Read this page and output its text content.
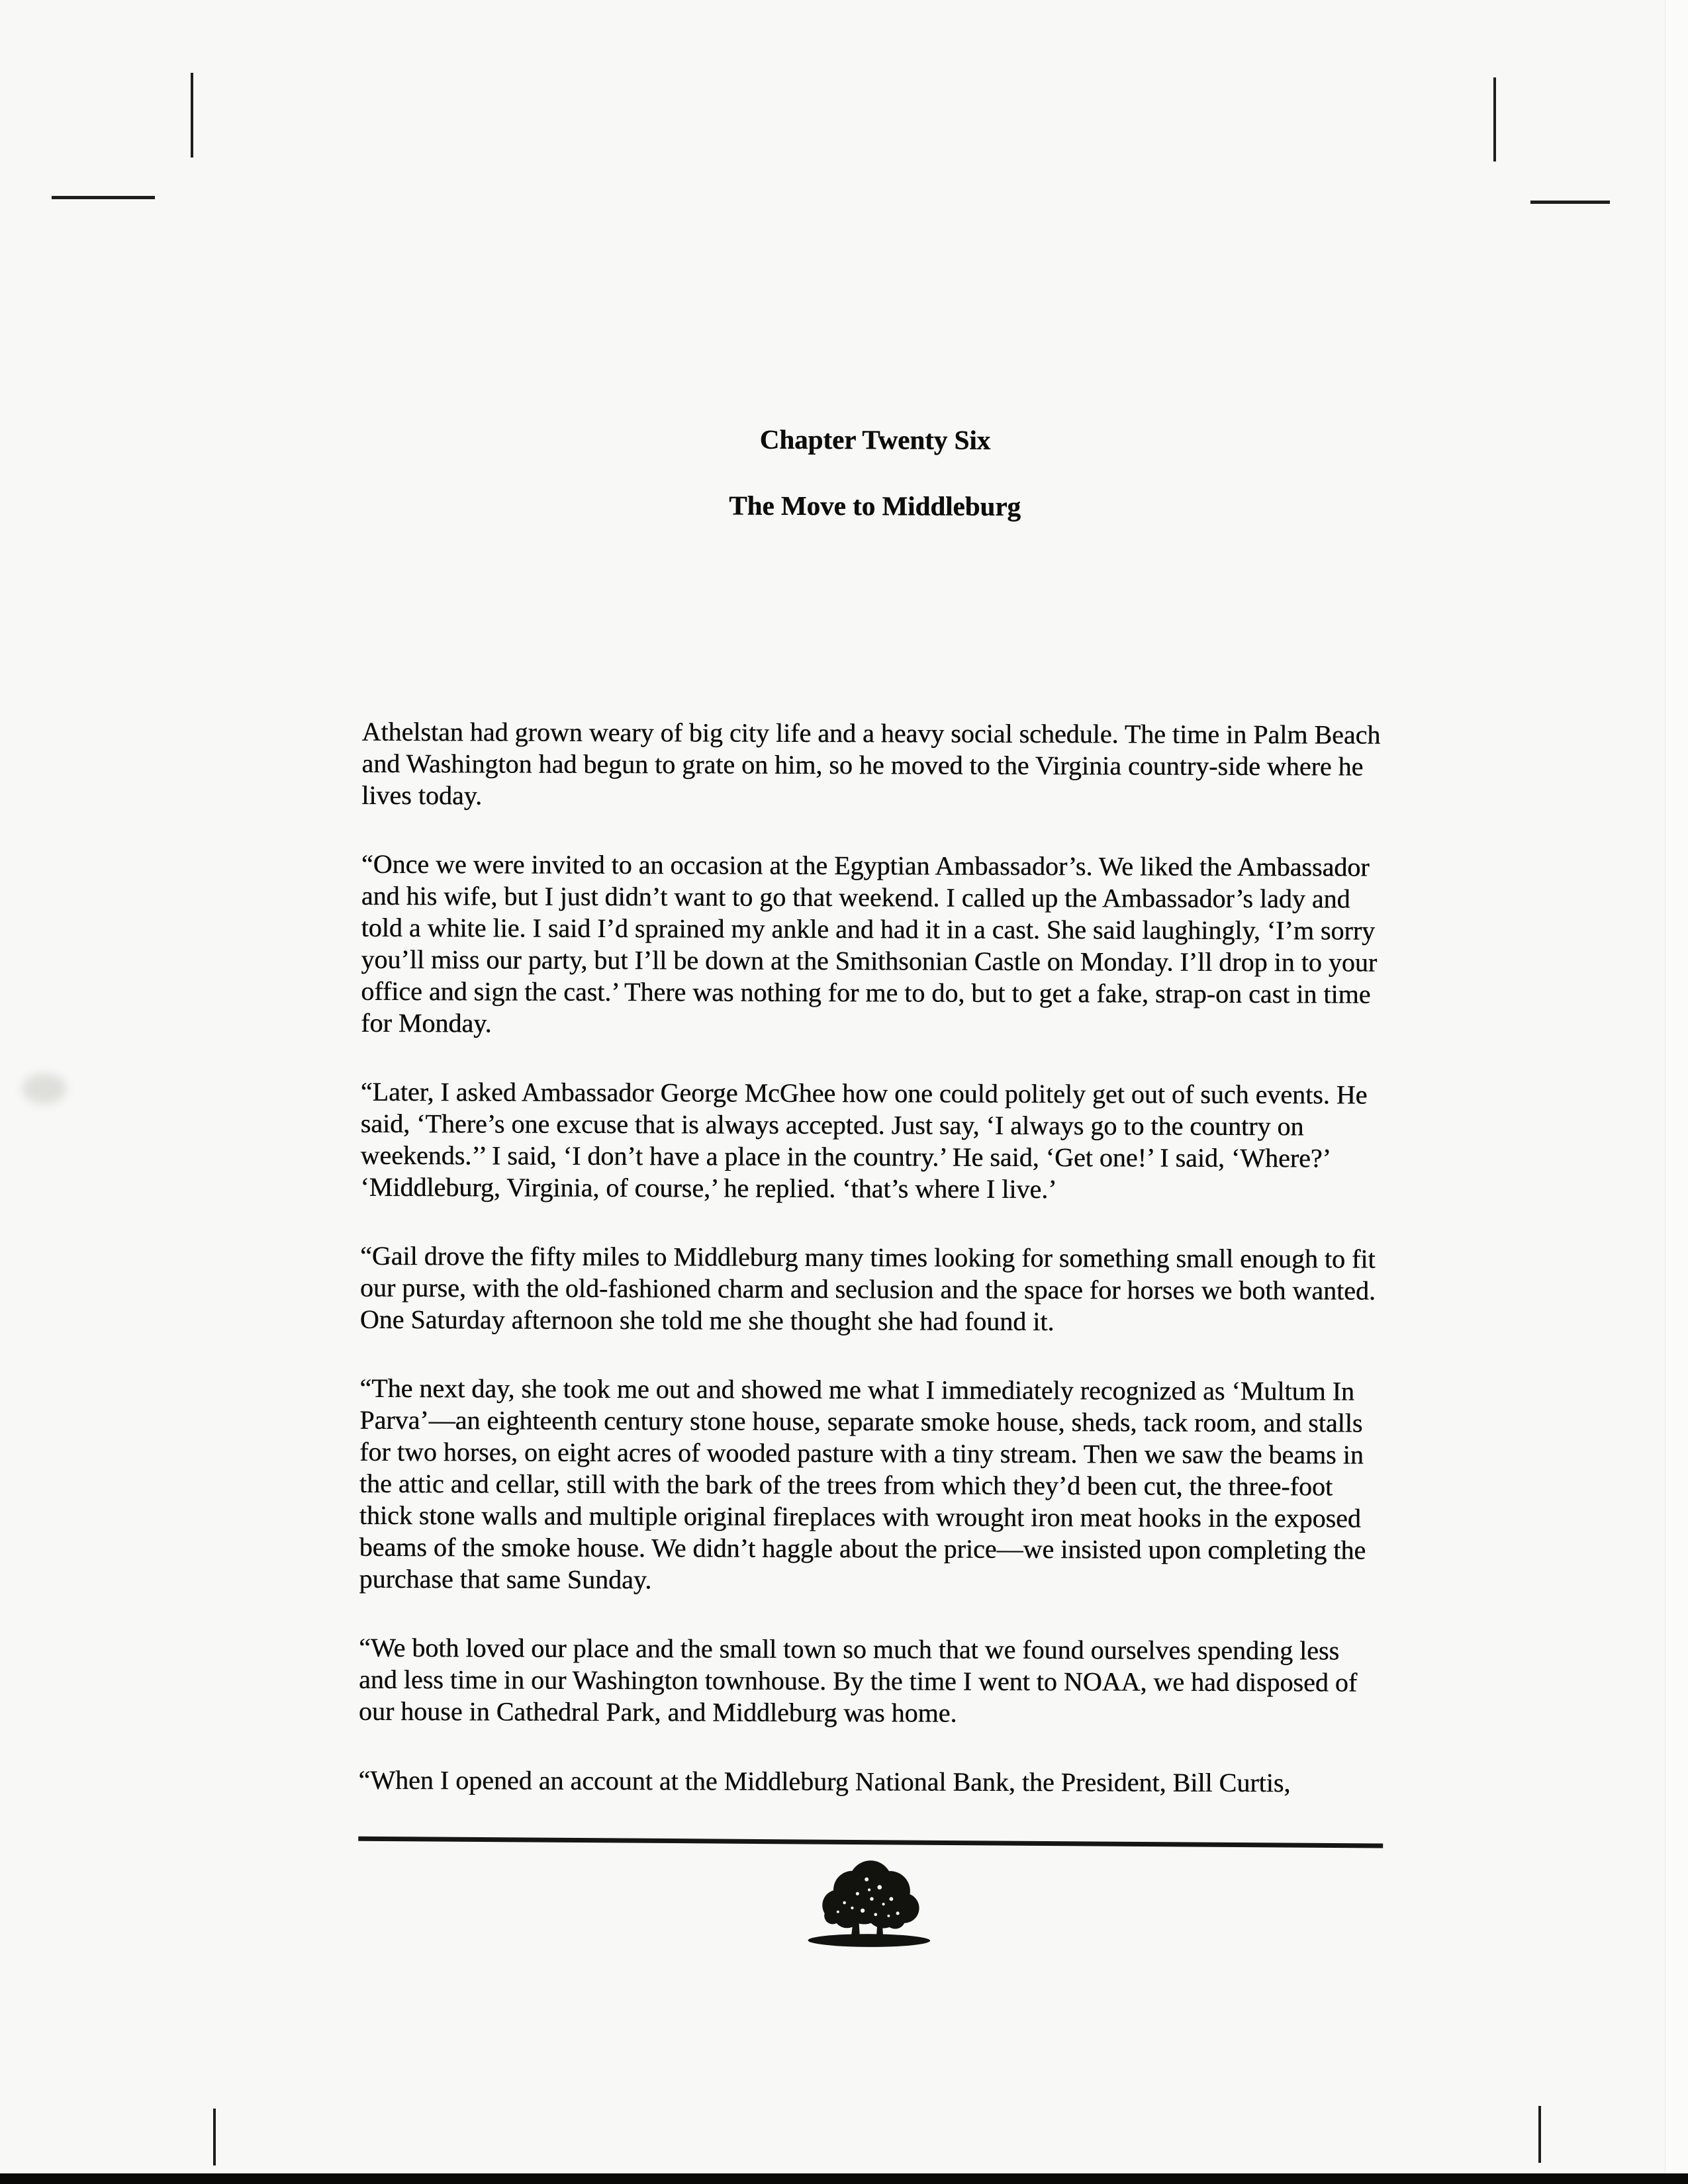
Chapter Twenty Six
The Move to Middleburg

Athelstan had grown weary of big city life and a heavy social schedule. The time in Palm Beach and Washington had begun to grate on him, so he moved to the Virginia country-side where he lives today.

“Once we were invited to an occasion at the Egyptian Ambassador’s. We liked the Ambassador and his wife, but I just didn’t want to go that weekend. I called up the Ambassador’s lady and told a white lie. I said I’d sprained my ankle and had it in a cast. She said laughingly, ‘I’m sorry you’ll miss our party, but I’ll be down at the Smithsonian Castle on Monday. I’ll drop in to your office and sign the cast.’ There was nothing for me to do, but to get a fake, strap-on cast in time for Monday.

“Later, I asked Ambassador George McGhee how one could politely get out of such events. He said, ‘There’s one excuse that is always accepted. Just say, ‘I always go to the country on weekends.’’ I said, ‘I don’t have a place in the country.’ He said, ‘Get one!’ I said, ‘Where?’ ‘Middleburg, Virginia, of course,’ he replied. ‘that’s where I live.’

“Gail drove the fifty miles to Middleburg many times looking for something small enough to fit our purse, with the old-fashioned charm and seclusion and the space for horses we both wanted. One Saturday afternoon she told me she thought she had found it.

“The next day, she took me out and showed me what I immediately recognized as ‘Multum In Parva’—an eighteenth century stone house, separate smoke house, sheds, tack room, and stalls for two horses, on eight acres of wooded pasture with a tiny stream. Then we saw the beams in the attic and cellar, still with the bark of the trees from which they’d been cut, the three-foot thick stone walls and multiple original fireplaces with wrought iron meat hooks in the exposed beams of the smoke house. We didn’t haggle about the price—we insisted upon completing the purchase that same Sunday.

“We both loved our place and the small town so much that we found ourselves spending less and less time in our Washington townhouse. By the time I went to NOAA, we had disposed of our house in Cathedral Park, and Middleburg was home.

“When I opened an account at the Middleburg National Bank, the President, Bill Curtis,
